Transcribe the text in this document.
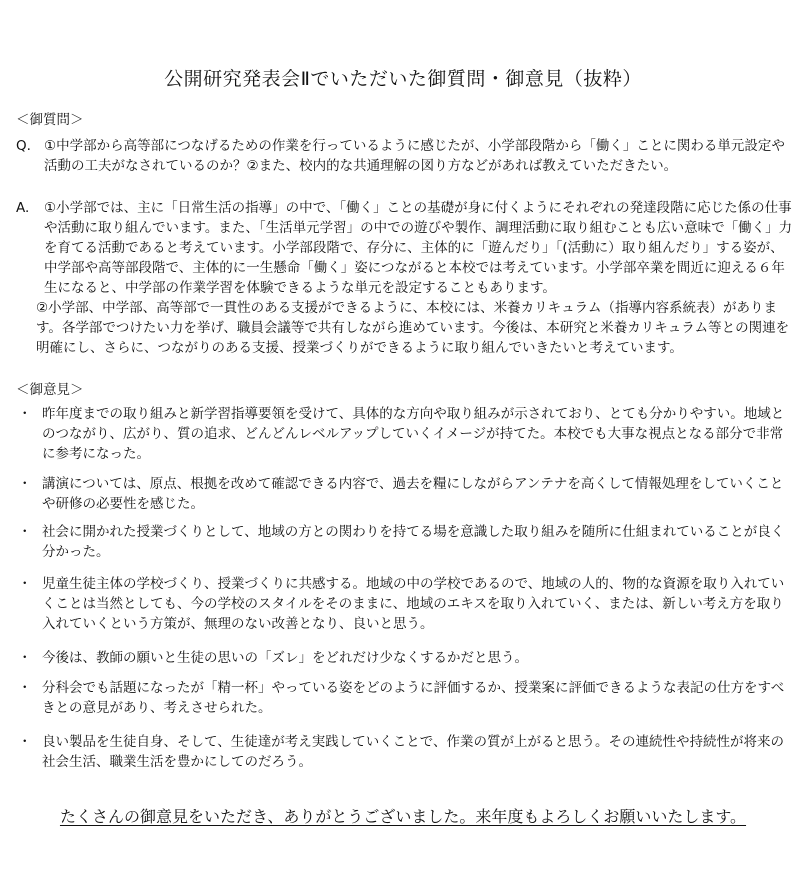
公開研究発表会Ⅱでいただいた御質問・御意見（抜粋）
＜御質問＞
Q. ①中学部から高等部につなげるための作業を行っているように感じたが、小学部段階から「働く」ことに関わる単元設定や活動の工夫がなされているのか？②また、校内的な共通理解の図り方などがあれば教えていただきたい。

A. ①小学部では、主に「日常生活の指導」の中で、「働く」ことの基礎が身に付くようにそれぞれの発達段階に応じた係の仕事や活動に取り組んでいます。また、「生活単元学習」の中での遊びや製作、調理活動に取り組むことも広い意味で「働く」力を育てる活動であると考えています。小学部段階で、存分に、主体的に「遊んだり」「(活動に）取り組んだり」する姿が、中学部や高等部段階で、主体的に一生懸命「働く」姿につながると本校では考えています。小学部卒業を間近に迎える６年生になると、中学部の作業学習を体験できるような単元を設定することもあります。

②小学部、中学部、高等部で一貫性のある支援ができるように、本校には、米養カリキュラム（指導内容系統表）があります。各学部でつけたい力を挙げ、職員会議等で共有しながら進めています。今後は、本研究と米養カリキュラム等との関連を明確にし、さらに、つながりのある支援、授業づくりができるように取り組んでいきたいと考えています。

＜御意見＞
・ 昨年度までの取り組みと新学習指導要領を受けて、具体的な方向や取り組みが示されており、とても分かりやすい。地域とのつながり、広がり、質の追求、どんどんレベルアップしていくイメージが持てた。本校でも大事な視点となる部分で非常に参考になった。
・ 講演については、原点、根拠を改めて確認できる内容で、過去を糧にしながらアンテナを高くして情報処理をしていくことや研修の必要性を感じた。
・ 社会に開かれた授業づくりとして、地域の方との関わりを持てる場を意識した取り組みを随所に仕組まれていることが良く分かった。
・ 児童生徒主体の学校づくり、授業づくりに共感する。地域の中の学校であるので、地域の人的、物的な資源を取り入れていくことは当然としても、今の学校のスタイルをそのままに、地域のエキスを取り入れていく、または、新しい考え方を取り入れていくという方策が、無理のない改善となり、良いと思う。
・ 今後は、教師の願いと生徒の思いの「ズレ」をどれだけ少なくするかだと思う。
・ 分科会でも話題になったが「精一杯」やっている姿をどのように評価するか、授業案に評価できるような表記の仕方をすべきとの意見があり、考えさせられた。
・ 良い製品を生徒自身、そして、生徒達が考え実践していくことで、作業の質が上がると思う。その連続性や持続性が将来の社会生活、職業生活を豊かにしてのだろう。
たくさんの御意見をいただき、ありがとうございました。来年度もよろしくお願いいたします。
